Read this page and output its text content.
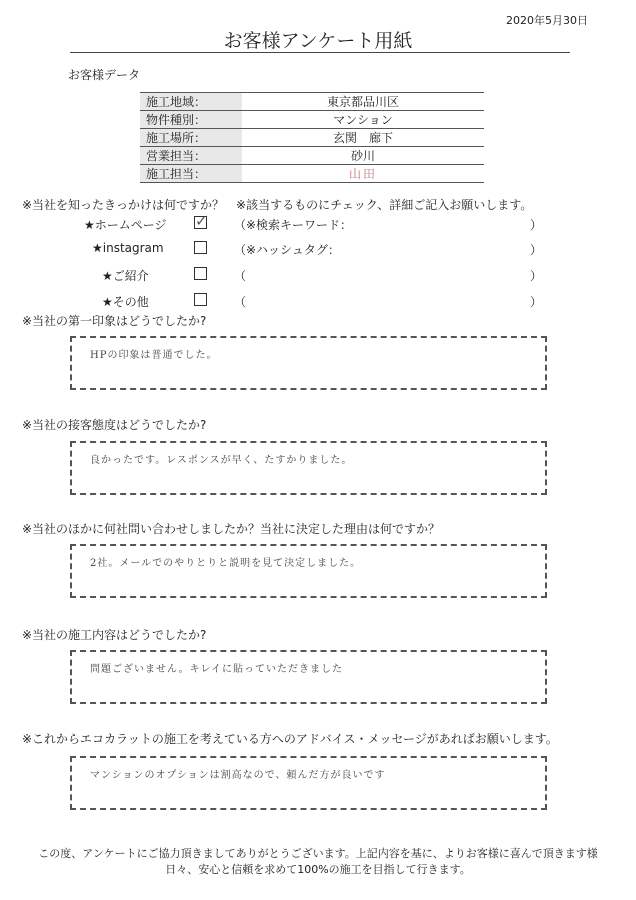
2020年5月30日
お客様アンケート用紙
お客様データ
施工地域：	東京都品川区
物件種別：	マンション
施工場所：	玄関　廊下
営業担当：	砂川
施工担当：	山田
※当社を知ったきっかけは何ですか？　※該当するものにチェック、詳細ご記入お願いします。
★ホームページ ✓ （※検索キーワード：	）
★instagram	（※ハッシュタグ：	）
★ご紹介	（	）
★その他	（	）
※当社の第一印象はどうでしたか?
HPの印象は普通でした。
※当社の接客態度はどうでしたか?
良かったです。レスポンスが早く、たすかりました。
※当社のほかに何社問い合わせしましたか？当社に決定した理由は何ですか？
2社。メールでのやりとりと説明を見て決定しました。
※当社の施工内容はどうでしたか?
問題ございません。キレイに貼っていただきました
※これからエコカラットの施工を考えている方へのアドバイス・メッセージがあればお願いします。
マンションのオプションは割高なので、頼んだ方が良いです
この度、アンケートにご協力頂きましてありがとうございます。上記内容を基に、よりお客様に喜んで頂きます様
日々、安心と信頼を求めて100%の施工を目指して行きます。
